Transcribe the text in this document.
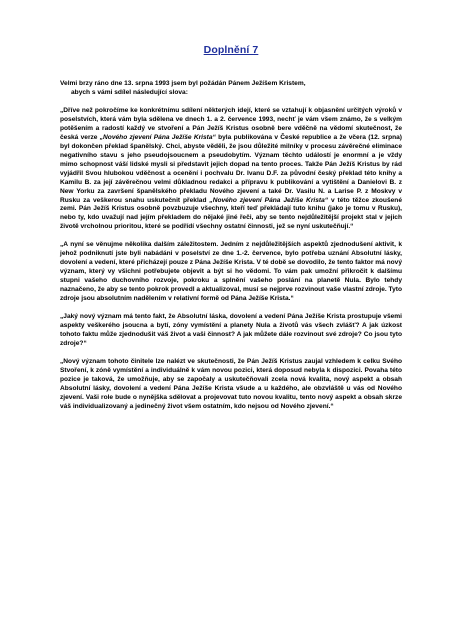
Doplnění 7

Velmi brzy ráno dne 13. srpna 1993 jsem byl požádán Pánem Ježíšem Kristem,
abych s vámi sdílel následující slova:

„Dříve než pokročíme ke konkrétnímu sdílení některých idejí, které se vztahují k objasnění určitých výroků v poselstvích, která vám byla sdělena ve dnech 1. a 2. července 1993, nechť je vám všem známo, že s velkým potěšením a radostí každý ve stvoření a Pán Ježíš Kristus osobně bere vděčně na vědomí skutečnost, že česká verze „Nového zjevení Pána Ježíše Krista“ byla publikována v České republice a že včera (12. srpna) byl dokončen překlad španělský. Chci, abyste věděli, že jsou důležité milníky v procesu závěrečné eliminace negativního stavu s jeho pseudojsoucnem a pseudobytím. Význam těchto událostí je enormní a je vždy mimo schopnost váší lidské mysli si představit jejich dopad na tento proces. Takže Pán Ježíš Kristus by rád vyjádřil Svou hlubokou vděčnost a ocenění i pochvalu Dr. Ivanu D.F. za původní český překlad této knihy a Kamilu B. za její závěrečnou velmi důkladnou redakci a přípravu k publikování a vytištění a Danielovi B. z New Yorku za završení španělského překladu Nového zjevení a také Dr. Vasilu N. a Larise P. z Moskvy v Rusku za veškerou snahu uskutečnit překlad „Nového zjevení Pána Ježíše Krista“ v této těžce zkoušené zemi. Pán Ježíš Kristus osobně povzbuzuje všechny, kteří teď překládají tuto knihu (jako je tomu v Rusku), nebo ty, kdo uvažují nad jejím překladem do nějaké jiné řeči, aby se tento nejdůležitější projekt stal v jejich životě vrcholnou prioritou, které se podřídí všechny ostatní činnosti, jež se nyní uskutečňují.“

„A nyní se věnujme několika dalším záležitostem. Jedním z nejdůležitějších aspektů zjednodušení aktivit, k jehož podniknutí jste byli nabádáni v poselství ze dne 1.-2. července, bylo potřeba uznání Absolutní lásky, dovolení a vedení, které přicházejí pouze z Pána Ježíše Krista. V té době se dovodilo, že tento faktor má nový význam, který vy všichni potřebujete objevit a být si ho vědomi. To vám pak umožní přikročit k dalšímu stupni vašeho duchovního rozvoje, pokroku a splnění vašeho poslání na planetě Nula. Bylo tehdy naznačeno, že aby se tento pokrok provedl a aktualizoval, musí se nejprve rozvinout vaše vlastní zdroje. Tyto zdroje jsou absolutním nadělením v relativní formě od Pána Ježíše Krista.“

„Jaký nový význam má tento fakt, že Absolutní láska, dovolení a vedení Pána Ježíše Krista prostupuje všemi aspekty veškerého jsoucna a bytí, zóny vymístění a planety Nula a životů vás všech zvlášť? A jak úzkost tohoto faktu může zjednodušit váš život a vaši činnost? A jak můžete dále rozvinout své zdroje? Co jsou tyto zdroje?“

„Nový význam tohoto činitele lze nalézt ve skutečnosti, že Pán Ježíš Kristus zaujal vzhledem k celku Svého Stvoření, k zóně vymístění a individuálně k vám novou pozici, která doposud nebyla k dispozici. Povaha této pozice je taková, že umožňuje, aby se započaly a uskutečňovali zcela nová kvalita, nový aspekt a obsah Absolutní lásky, dovolení a vedení Pána Ježíše Krista všude a u každého, ale obzvláště u vás od Nového zjevení. Vaši role bude o nynějška sdělovat a projevovat tuto novou kvalitu, tento nový aspekt a obsah skrze váš individualizovaný a jedinečný život všem ostatním, kdo nejsou od Nového zjevení.“
